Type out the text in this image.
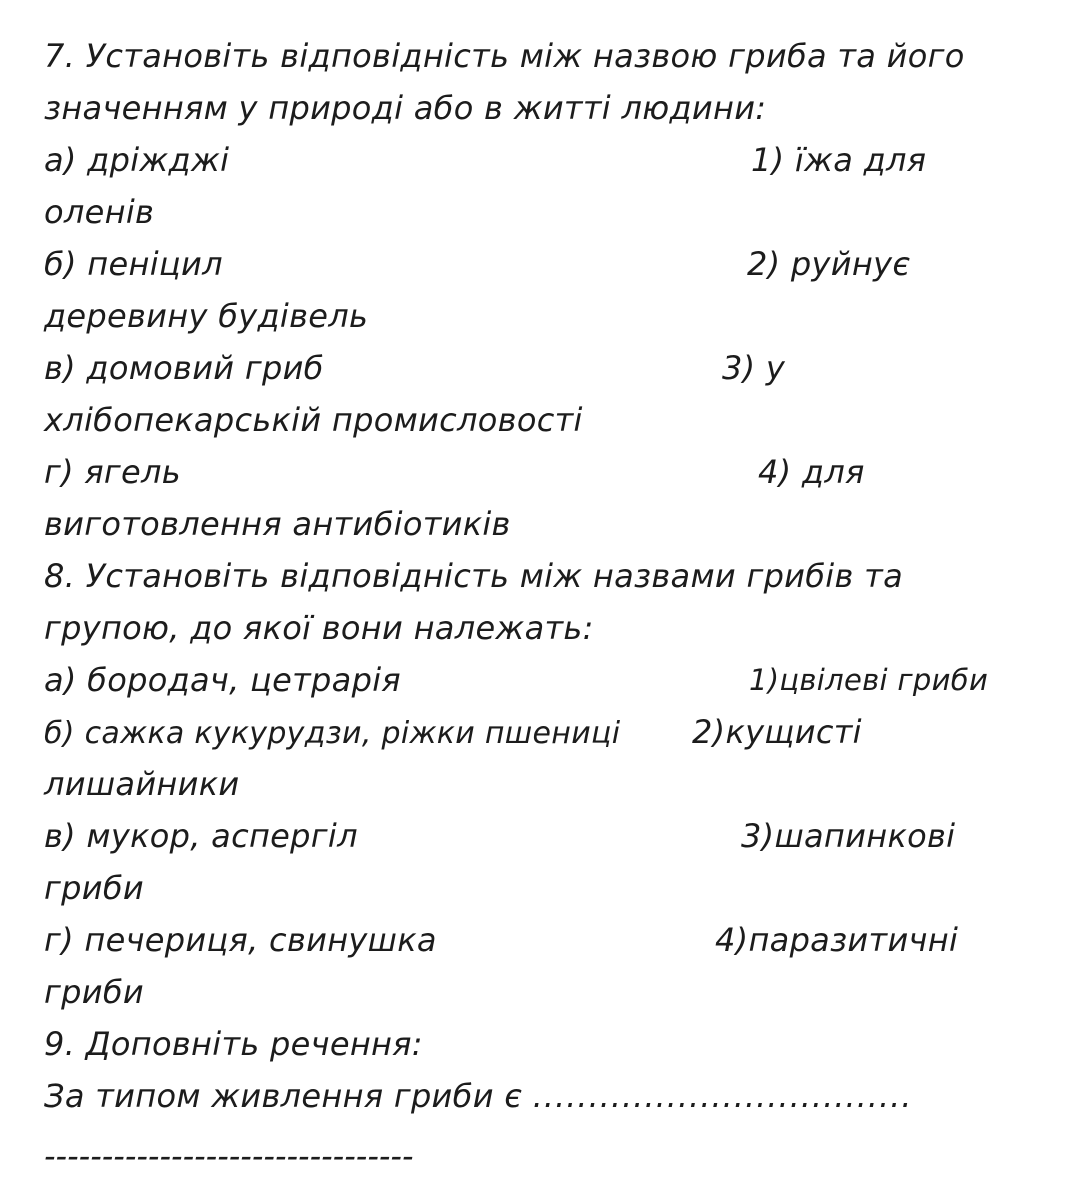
7. Установіть відповідність між назвою гриба та його
значенням у природі або в житті людини:
а) дріжджі	1) їжа для
оленів
б) пеніцил	2) руйнує
деревину будівель
в) домовий гриб	3) у
хлібопекарській промисловості
г) ягель	4) для
виготовлення антибіотиків
8. Установіть відповідність між назвами грибів та
групою, до якої вони належать:
а) бородач, цетрарія	1)цвілеві гриби
б) сажка кукурудзи, ріжки пшениці 2)кущисті
лишайники
в) мукор, аспергіл	3)шапинкові
гриби
г) печериця, свинушка	4)паразитичні
гриби
9. Доповніть речення:
За типом живлення гриби є ..................................
--------------------------------
